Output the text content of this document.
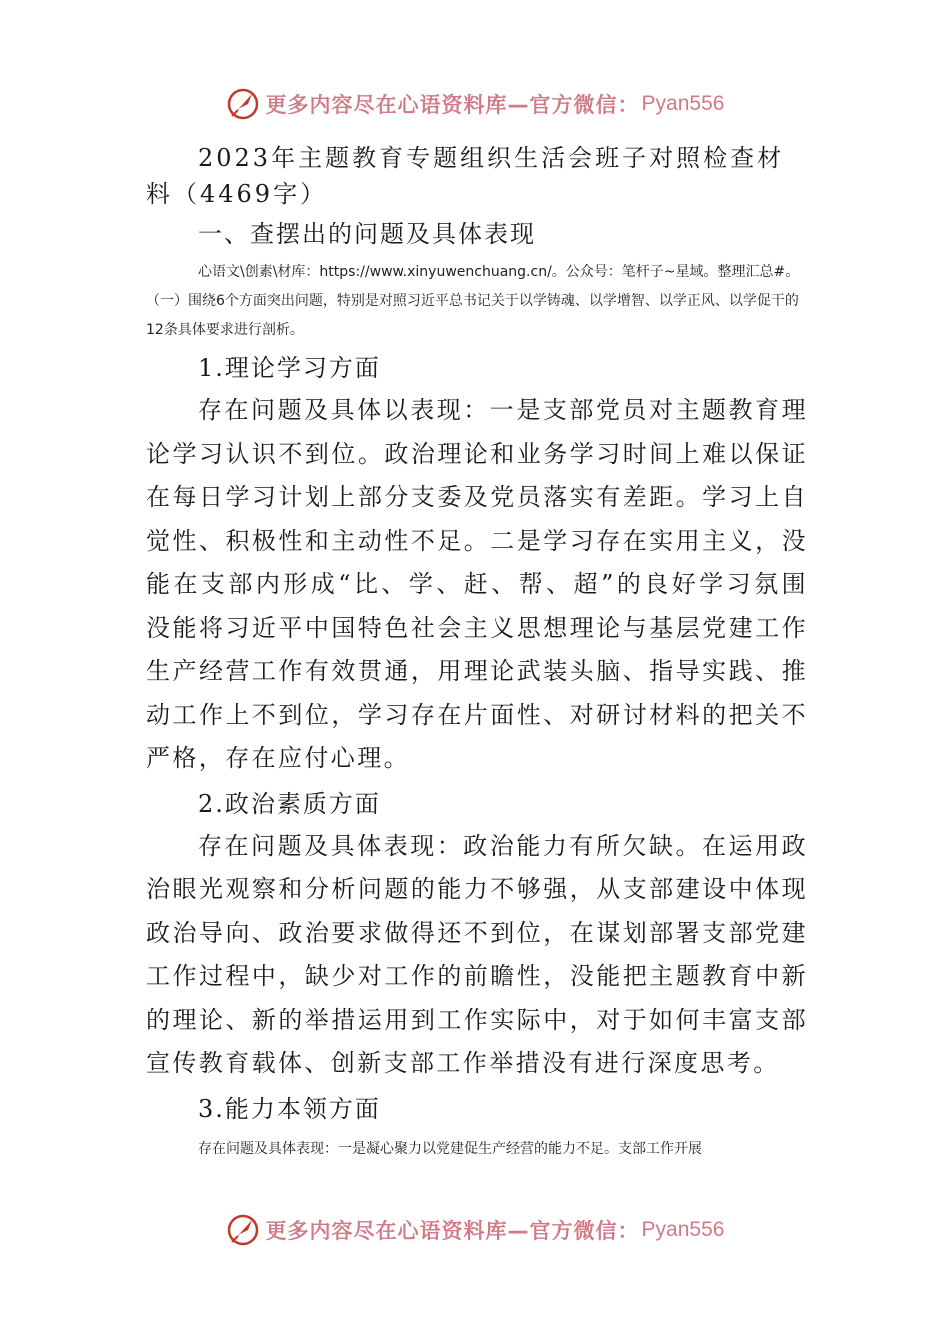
更多内容尽在心语资料库—官方微信： Pyan556

2023年主题教育专题组织生活会班子对照检查材料（4469字）

一、查摆出的问题及具体表现

心语文\创素\材库：https://www.xinyuwenchuang.cn/。公众号：笔杆子~星域。整理汇总#。（一）围绕6个方面突出问题，特别是对照习近平总书记关于以学铸魂、以学增智、以学正风、以学促干的12条具体要求进行剖析。

1.理论学习方面

存在问题及具体以表现：一是支部党员对主题教育理论学习认识不到位。政治理论和业务学习时间上难以保证在每日学习计划上部分支委及党员落实有差距。学习上自觉性、积极性和主动性不足。二是学习存在实用主义，没能在支部内形成“比、学、赶、帮、超”的良好学习氛围没能将习近平中国特色社会主义思想理论与基层党建工作生产经营工作有效贯通，用理论武装头脑、指导实践、推动工作上不到位，学习存在片面性、对研讨材料的把关不严格，存在应付心理。

2.政治素质方面

存在问题及具体表现：政治能力有所欠缺。在运用政治眼光观察和分析问题的能力不够强，从支部建设中体现政治导向、政治要求做得还不到位，在谋划部署支部党建工作过程中，缺少对工作的前瞻性，没能把主题教育中新的理论、新的举措运用到工作实际中，对于如何丰富支部宣传教育载体、创新支部工作举措没有进行深度思考。

3.能力本领方面

存在问题及具体表现：一是凝心聚力以党建促生产经营的能力不足。支部工作开展

更多内容尽在心语资料库—官方微信： Pyan556
